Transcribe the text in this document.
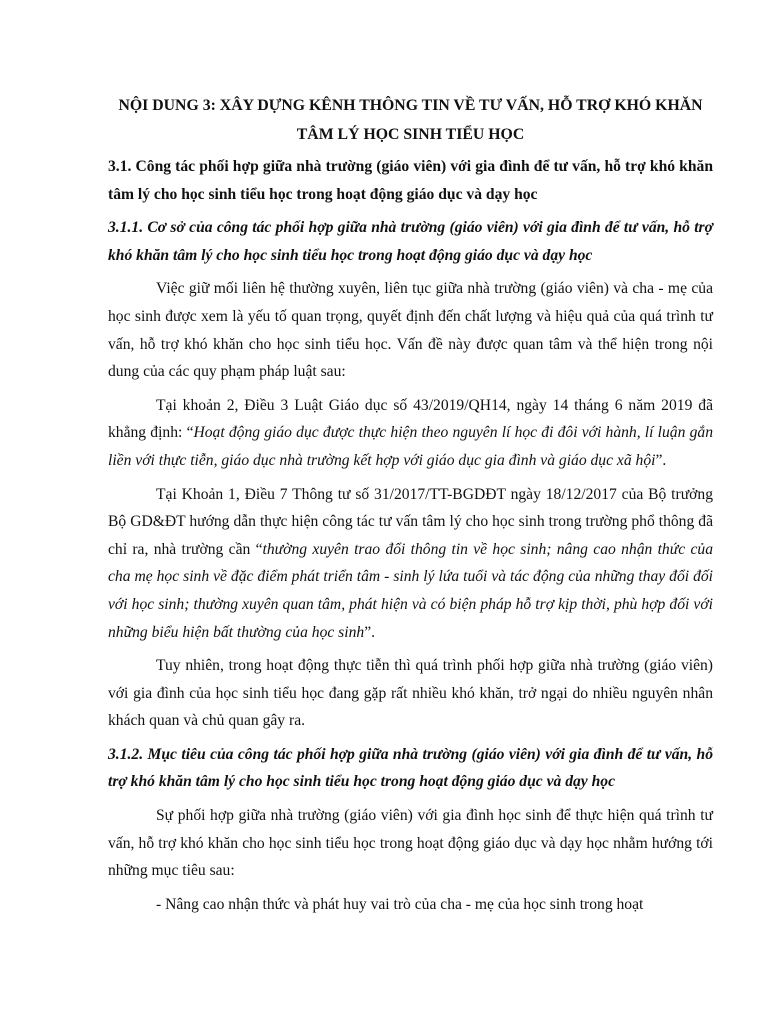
NỘI DUNG 3: XÂY DỰNG KÊNH THÔNG TIN VỀ TƯ VẤN, HỖ TRỢ KHÓ KHĂN TÂM LÝ HỌC SINH TIỂU HỌC
3.1. Công tác phối hợp giữa nhà trường (giáo viên) với gia đình để tư vấn, hỗ trợ khó khăn tâm lý cho học sinh tiểu học trong hoạt động giáo dục và dạy học
3.1.1. Cơ sở của công tác phối hợp giữa nhà trường (giáo viên) với gia đình để tư vấn, hỗ trợ khó khăn tâm lý cho học sinh tiểu học trong hoạt động giáo dục và dạy học
Việc giữ mối liên hệ thường xuyên, liên tục giữa nhà trường (giáo viên) và cha - mẹ của học sinh được xem là yếu tố quan trọng, quyết định đến chất lượng và hiệu quả của quá trình tư vấn, hỗ trợ khó khăn cho học sinh tiểu học. Vấn đề này được quan tâm và thể hiện trong nội dung của các quy phạm pháp luật sau:
Tại khoản 2, Điều 3 Luật Giáo dục số 43/2019/QH14, ngày 14 tháng 6 năm 2019 đã khẳng định: “Hoạt động giáo dục được thực hiện theo nguyên lí học đi đôi với hành, lí luận gắn liền với thực tiễn, giáo dục nhà trường kết hợp với giáo dục gia đình và giáo dục xã hội”.
Tại Khoản 1, Điều 7 Thông tư số 31/2017/TT-BGDĐT ngày 18/12/2017 của Bộ trưởng Bộ GD&ĐT hướng dẫn thực hiện công tác tư vấn tâm lý cho học sinh trong trường phổ thông đã chỉ ra, nhà trường cần “thường xuyên trao đổi thông tin về học sinh; nâng cao nhận thức của cha mẹ học sinh về đặc điểm phát triển tâm - sinh lý lứa tuổi và tác động của những thay đổi đối với học sinh; thường xuyên quan tâm, phát hiện và có biện pháp hỗ trợ kịp thời, phù hợp đối với những biểu hiện bất thường của học sinh”.
Tuy nhiên, trong hoạt động thực tiễn thì quá trình phối hợp giữa nhà trường (giáo viên) với gia đình của học sinh tiểu học đang gặp rất nhiều khó khăn, trở ngại do nhiều nguyên nhân khách quan và chủ quan gây ra.
3.1.2. Mục tiêu của công tác phối hợp giữa nhà trường (giáo viên) với gia đình để tư vấn, hỗ trợ khó khăn tâm lý cho học sinh tiểu học trong hoạt động giáo dục và dạy học
Sự phối hợp giữa nhà trường (giáo viên) với gia đình học sinh để thực hiện quá trình tư vấn, hỗ trợ khó khăn cho học sinh tiểu học trong hoạt động giáo dục và dạy học nhằm hướng tới những mục tiêu sau:
- Nâng cao nhận thức và phát huy vai trò của cha - mẹ của học sinh trong hoạt
